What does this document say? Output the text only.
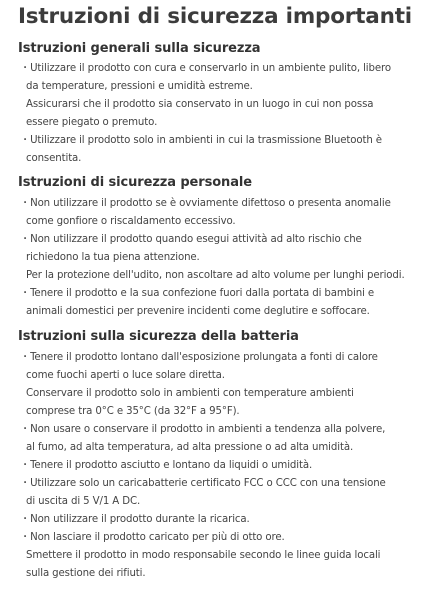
Istruzioni di sicurezza importanti
Istruzioni generali sulla sicurezza
・Utilizzare il prodotto con cura e conservarlo in un ambiente pulito, libero
da temperature, pressioni e umidità estreme.
Assicurarsi che il prodotto sia conservato in un luogo in cui non possa
essere piegato o premuto.
・Utilizzare il prodotto solo in ambienti in cui la trasmissione Bluetooth è
consentita.
Istruzioni di sicurezza personale
・Non utilizzare il prodotto se è ovviamente difettoso o presenta anomalie
come gonfiore o riscaldamento eccessivo.
・Non utilizzare il prodotto quando esegui attività ad alto rischio che
richiedono la tua piena attenzione.
Per la protezione dell'udito, non ascoltare ad alto volume per lunghi periodi.
・Tenere il prodotto e la sua confezione fuori dalla portata di bambini e
animali domestici per prevenire incidenti come deglutire e soffocare.
Istruzioni sulla sicurezza della batteria
・Tenere il prodotto lontano dall'esposizione prolungata a fonti di calore
come fuochi aperti o luce solare diretta.
Conservare il prodotto solo in ambienti con temperature ambienti
comprese tra 0°C e 35°C (da 32°F a 95°F).
・Non usare o conservare il prodotto in ambienti a tendenza alla polvere,
al fumo, ad alta temperatura, ad alta pressione o ad alta umidità.
・Tenere il prodotto asciutto e lontano da liquidi o umidità.
・Utilizzare solo un caricabatterie certificato FCC o CCC con una tensione
di uscita di 5 V/1 A DC.
・Non utilizzare il prodotto durante la ricarica.
・Non lasciare il prodotto caricato per più di otto ore.
Smettere il prodotto in modo responsabile secondo le linee guida locali
sulla gestione dei rifiuti.
